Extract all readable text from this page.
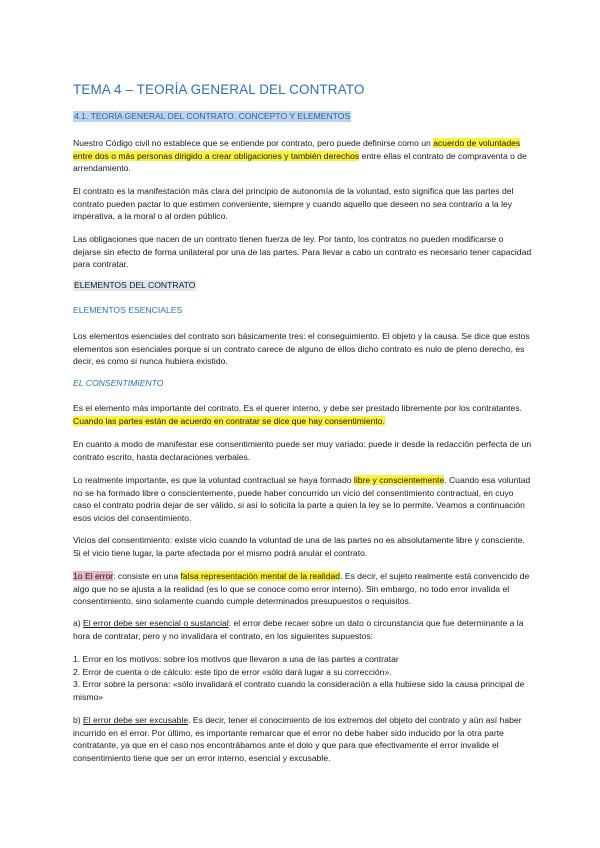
TEMA 4 – TEORÍA GENERAL DEL CONTRATO
4.1. TEORÍA GENERAL DEL CONTRATO. CONCEPTO Y ELEMENTOS

Nuestro Código civil no establece que se entiende por contrato, pero puede definirse como un acuerdo de voluntades entre dos o más personas dirigido a crear obligaciones y también derechos entre ellas el contrato de compraventa o de arrendamiento.

El contrato es la manifestación más clara del principio de autonomía de la voluntad, esto significa que las partes del contrato pueden pactar lo que estimen conveniente, siempre y cuando aquello que deseen no sea contrario a la ley imperativa, a la moral o al orden público.

Las obligaciones que nacen de un contrato tienen fuerza de ley. Por tanto, los contratos no pueden modificarse o dejarse sin efecto de forma unilateral por una de las partes. Para llevar a cabo un contrato es necesario tener capacidad para contratar.

ELEMENTOS DEL CONTRATO
ELEMENTOS ESENCIALES

Los elementos esenciales del contrato son básicamente tres: el conseguimiento. El objeto y la causa. Se dice que estos elementos son esenciales porque si un contrato carece de alguno de ellos dicho contrato es nulo de pleno derecho, es decir, es como si nunca hubiera existido.

EL CONSENTIMIENTO

Es el elemento más importante del contrato. Es el querer interno, y debe ser prestado libremente por los contratantes. Cuando las partes están de acuerdo en contratar se dice que hay consentimiento.

En cuanto a modo de manifestar ese consentimiento puede ser muy variado: puede ir desde la redacción perfecta de un contrato escrito, hasta declaraciones verbales.

Lo realmente importante, es que la voluntad contractual se haya formado libre y conscientemente. Cuando esa voluntad no se ha formado libre o conscientemente, puede haber concurrido un vicio del consentimiento contractual, en cuyo caso el contrato podría dejar de ser válido, si así lo solicita la parte a quien la ley se lo permite. Veamos a continuación esos vicios del consentimiento.

Vicios del consentimiento: existe vicio cuando la voluntad de una de las partes no es absolutamente libre y consciente. Si el vicio tiene lugar, la parte afectada por el mismo podrá anular el contrato.

1o El error: consiste en una falsa representación mental de la realidad. Es decir, el sujeto realmente está convencido de algo que no se ajusta a la realidad (es lo que se conoce como error interno). Sin embargo, no todo error invalida el consentimiento, sino solamente cuando cumple determinados presupuestos o requisitos.

a) El error debe ser esencial o sustancial: el error debe recaer sobre un dato o circunstancia que fue determinante a la hora de contratar, pero y no invalidara el contrato, en los siguientes supuestos:

1. Error en los motivos: sobre los motivos que llevaron a una de las partes a contratar

2. Error de cuenta o de cálculo: este tipo de error «sólo dará lugar a su corrección».

3. Error sobre la persona: «sólo invalidará el contrato cuando la consideración a ella hubiese sido la causa principal de mismo»

b) El error debe ser excusable. Es decir, tener el conocimiento de los extremos del objeto del contrato y aún así haber incurrido en el error. Por último, es importante remarcar que el error no debe haber sido inducido por la otra parte contratante, ya que en el caso nos encontrábamos ante el dolo y que para que efectivamente el error invalide el consentimiento tiene que ser un error interno, esencial y excusable.
